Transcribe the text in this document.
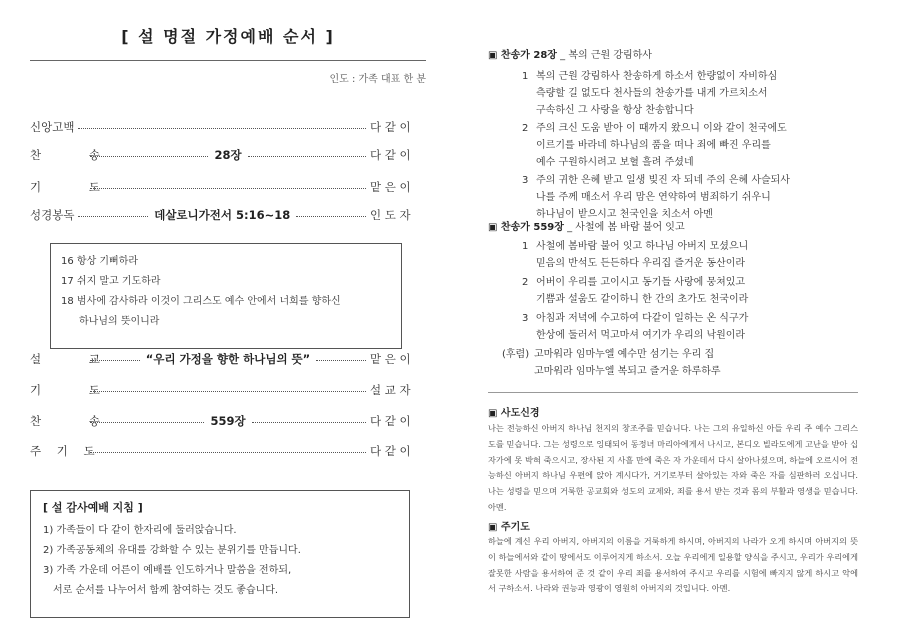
[ 설 명절 가정예배 순서 ]
인도 : 가족 대표 한 분
신앙고백	다 같 이
찬 송	28장	다 같 이
기 도	맡 은 이
성경봉독	데살로니가전서 5:16~18	인 도 자
16 항상 기뻐하라
17 쉬지 말고 기도하라
18 범사에 감사하라 이것이 그리스도 예수 안에서 너희를 향하신
하나님의 뜻이니라
설 교 “우리 가정을 향한 하나님의 뜻”	맡 은 이
기 도	설 교 자
찬 송	559장	다 같 이
주 기 도	다 같 이
[ 설 감사예배 지침 ]
1) 가족들이 다 같이 한자리에 둘러앉습니다.
2) 가족공동체의 유대를 강화할 수 있는 분위기를 만듭니다.
3) 가족 가운데 어른이 예배를 인도하거나 말씀을 전하되,
서로 순서를 나누어서 함께 참여하는 것도 좋습니다.
▣ 찬송가 28장 _ 복의 근원 강림하사
1 복의 근원 강림하사 찬송하게 하소서 한량없이 자비하심
측량할 길 없도다 천사들의 찬송가를 내게 가르치소서
구속하신 그 사랑을 항상 찬송합니다
2 주의 크신 도움 받아 이 때까지 왔으니 이와 같이 천국에도
이르기를 바라네 하나님의 품을 떠나 죄에 빠진 우리를
예수 구원하시려고 보혈 흘려 주셨네
3 주의 귀한 은혜 받고 일생 빚진 자 되네 주의 은혜 사슬되사
나를 주께 매소서 우리 맘은 연약하여 범죄하기 쉬우니
하나님이 받으시고 천국인을 치소서 아멘
▣ 찬송가 559장 _ 사철에 봄 바람 불어 잇고
1 사철에 봄바람 불어 잇고 하나님 아버지 모셨으니
믿음의 반석도 든든하다 우리집 즐거운 동산이라
2 어버이 우리를 고이시고 동기들 사랑에 뭉쳐있고
기쁨과 설움도 같이하니 한 간의 초가도 천국이라
3 아침과 저녁에 수고하여 다같이 일하는 온 식구가
한상에 둘러서 먹고마셔 여기가 우리의 낙원이라
(후렴) 고마워라 임마누엘 예수만 섬기는 우리 집
고마워라 임마누엘 복되고 즐거운 하루하루
▣ 사도신경
나는 전능하신 아버지 하나님 천지의 창조주를 믿습니다. 나는 그의 유일하신 아들 우리 주 예수 그리스도를 믿습니다. 그는 성령으로 잉태되어 동정녀 마리아에게서 나시고, 본디오 빌라도에게 고난을 받아 십자가에 못 박혀 죽으시고, 장사된 지 사흘 만에 죽은 자 가운데서 다시 살아나셨으며, 하늘에 오르시어 전능하신 아버지 하나님 우편에 앉아 계시다가, 거기로부터 살아있는 자와 죽은 자를 심판하러 오십니다. 나는 성령을 믿으며 거룩한 공교회와 성도의 교제와, 죄를 용서 받는 것과 몸의 부활과 영생을 믿습니다. 아멘.
▣ 주기도
하늘에 계신 우리 아버지, 아버지의 이름을 거룩하게 하시며, 아버지의 나라가 오게 하시며 아버지의 뜻이 하늘에서와 같이 땅에서도 이루어지게 하소서. 오늘 우리에게 일용할 양식을 주시고, 우리가 우리에게 잘못한 사람을 용서하여 준 것 같이 우리 죄를 용서하여 주시고 우리를 시험에 빠지지 않게 하시고 악에서 구하소서. 나라와 권능과 영광이 영원히 아버지의 것입니다. 아멘.
